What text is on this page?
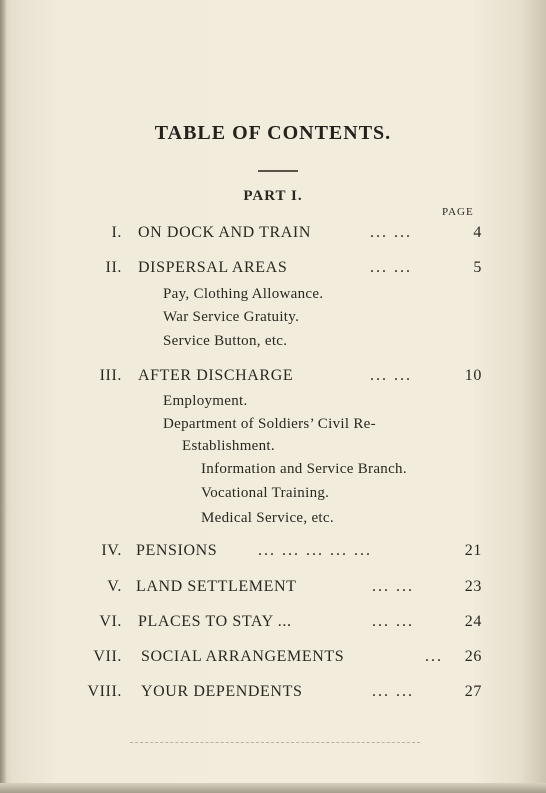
TABLE OF CONTENTS.
PART I.
PAGE
I. ON DOCK AND TRAIN	... ...	4
II. DISPERSAL AREAS	... ...	5
Pay, Clothing Allowance.
War Service Gratuity.
Service Button, etc.
III. AFTER DISCHARGE	... ...	10
Employment.
Department of Soldiers’ Civil Re-
Establishment.
Information and Service Branch.
Vocational Training.
Medical Service, etc.
IV. PENSIONS	... ... ... ... ...	21
V. LAND SETTLEMENT	... ...	23
VI. PLACES TO STAY ...	... ...	24
VII. SOCIAL ARRANGEMENTS	...	26
VIII. YOUR DEPENDENTS	... ...	27
